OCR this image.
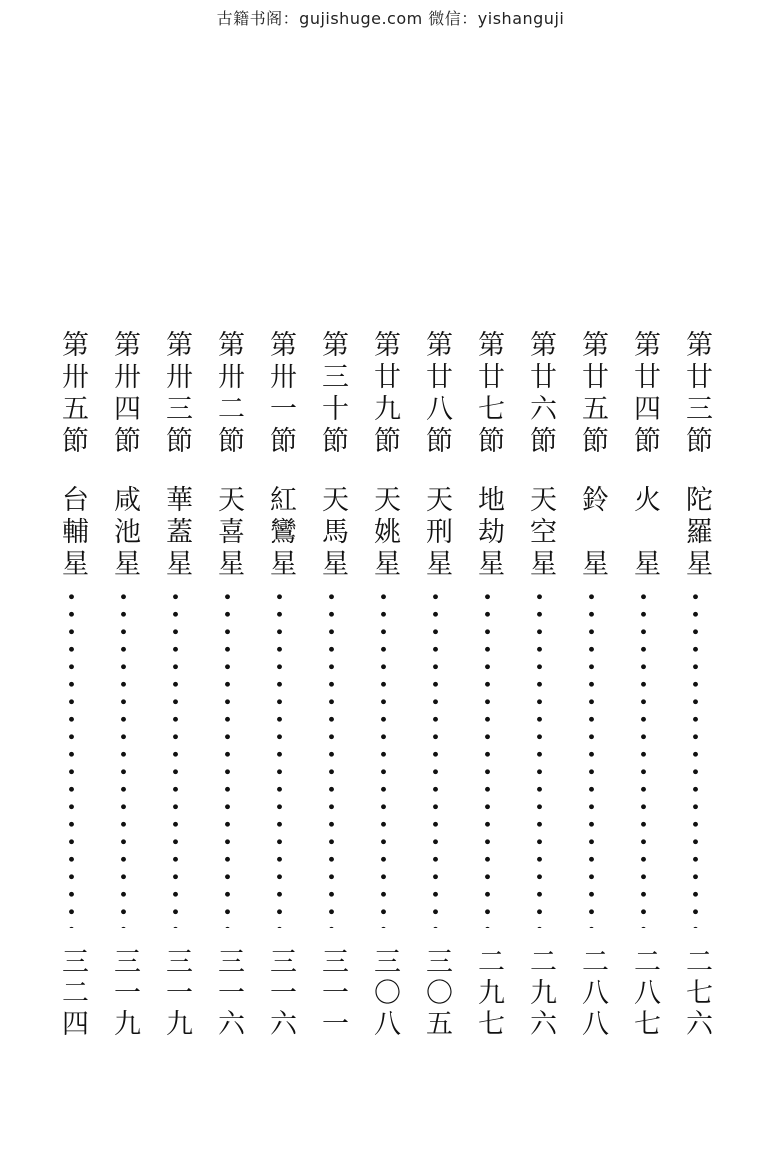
古籍书阁：gujishuge.com 微信：yishanguji
第廿三節
陀羅星
二七六
第廿四節
火　星
二八七
第廿五節
鈴　星
二八八
第廿六節
天空星
二九六
第廿七節
地劫星
二九七
第廿八節
天刑星
三〇五
第廿九節
天姚星
三〇八
第三十節
天馬星
三一一
第卅一節
紅鸞星
三一六
第卅二節
天喜星
三一六
第卅三節
華蓋星
三一九
第卅四節
咸池星
三一九
第卅五節
台輔星
三二四
